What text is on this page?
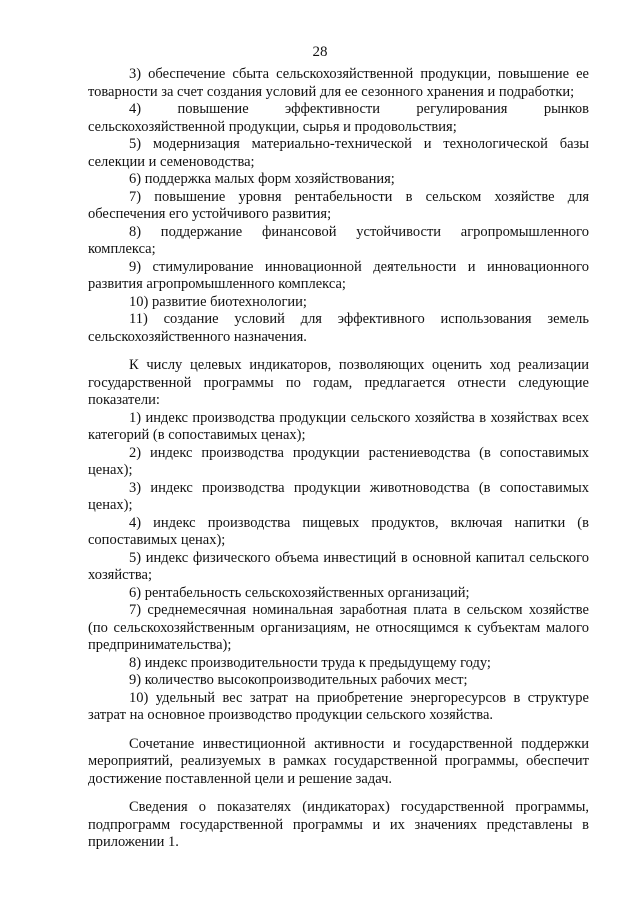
28

3) обеспечение сбыта сельскохозяйственной продукции, повышение ее товарности за счет создания условий для ее сезонного хранения и подработки;

4) повышение эффективности регулирования рынков сельскохозяйственной продукции, сырья и продовольствия;

5) модернизация материально-технической и технологической базы селекции и семеноводства;

6) поддержка малых форм хозяйствования;

7) повышение уровня рентабельности в сельском хозяйстве для обеспечения его устойчивого развития;

8) поддержание финансовой устойчивости агропромышленного комплекса;

9) стимулирование инновационной деятельности и инновационного развития агропромышленного комплекса;

10) развитие биотехнологии;

11) создание условий для эффективного использования земель сельскохозяйственного назначения.

К числу целевых индикаторов, позволяющих оценить ход реализации государственной программы по годам, предлагается отнести следующие показатели:

1) индекс производства продукции сельского хозяйства в хозяйствах всех категорий (в сопоставимых ценах);

2) индекс производства продукции растениеводства (в сопоставимых ценах);

3) индекс производства продукции животноводства (в сопоставимых ценах);

4) индекс производства пищевых продуктов, включая напитки (в сопоставимых ценах);

5) индекс физического объема инвестиций в основной капитал сельского хозяйства;

6) рентабельность сельскохозяйственных организаций;

7) среднемесячная номинальная заработная плата в сельском хозяйстве (по сельскохозяйственным организациям, не относящимся к субъектам малого предпринимательства);

8) индекс производительности труда к предыдущему году;

9) количество высокопроизводительных рабочих мест;

10) удельный вес затрат на приобретение энергоресурсов в структуре затрат на основное производство продукции сельского хозяйства.

Сочетание инвестиционной активности и государственной поддержки мероприятий, реализуемых в рамках государственной программы, обеспечит достижение поставленной цели и решение задач.

Сведения о показателях (индикаторах) государственной программы, подпрограмм государственной программы и их значениях представлены в приложении 1.
